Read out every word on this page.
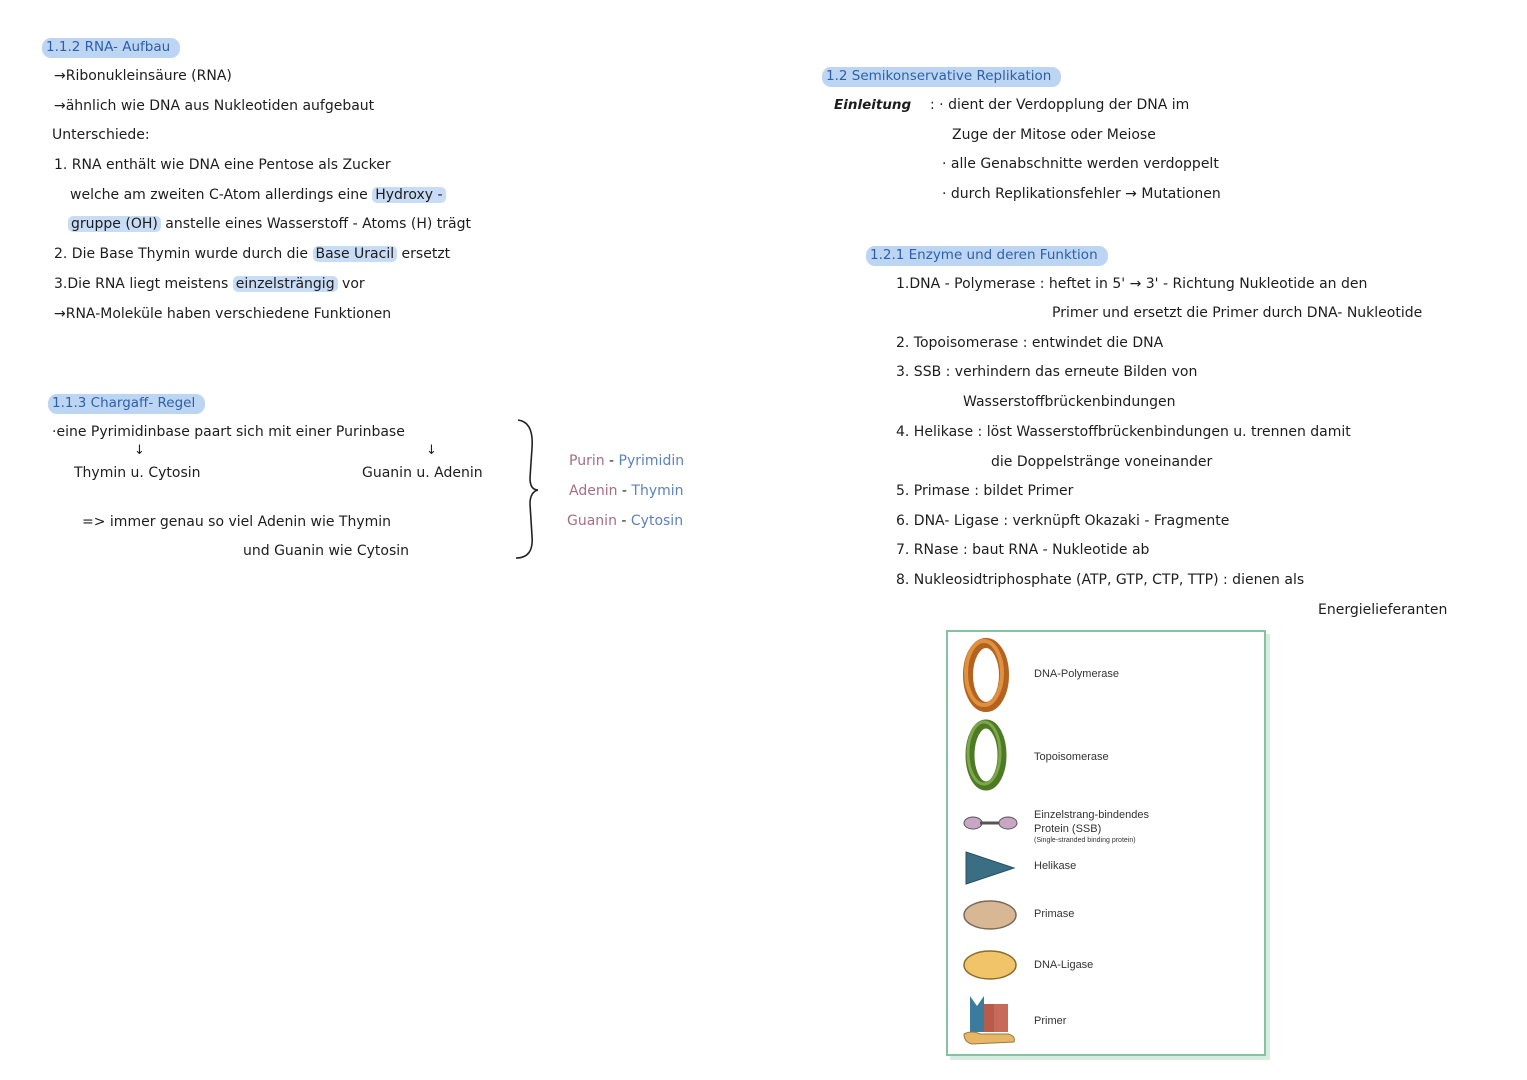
1.1.2 RNA- Aufbau
→Ribonukleinsäure (RNA)
→ähnlich wie DNA aus Nukleotiden aufgebaut
Unterschiede:
1. RNA enthält wie DNA eine Pentose als Zucker
welche am zweiten C-Atom allerdings eine Hydroxy -
gruppe (OH) anstelle eines Wasserstoff - Atoms (H) trägt
2. Die Base Thymin wurde durch die Base Uracil ersetzt
3.Die RNA liegt meistens einzelsträngig vor
→RNA-Moleküle haben verschiedene Funktionen
1.1.3 Chargaff- Regel
·eine Pyrimidinbase paart sich mit einer Purinbase
↓	↓
Thymin u. Cytosin	Guanin u. Adenin
=> immer genau so viel Adenin wie Thymin
und Guanin wie Cytosin
Purin - Pyrimidin
Adenin - Thymin
Guanin - Cytosin
1.2 Semikonservative Replikation
Einleitung : · dient der Verdopplung der DNA im
Zuge der Mitose oder Meiose
· alle Genabschnitte werden verdoppelt
· durch Replikationsfehler → Mutationen
1.2.1 Enzyme und deren Funktion
1.DNA - Polymerase : heftet in 5' → 3' - Richtung Nukleotide an den
Primer und ersetzt die Primer durch DNA- Nukleotide
2. Topoisomerase : entwindet die DNA
3. SSB : verhindern das erneute Bilden von
Wasserstoffbrückenbindungen
4. Helikase : löst Wasserstoffbrückenbindungen u. trennen damit
die Doppelstränge voneinander
5. Primase : bildet Primer
6. DNA- Ligase : verknüpft Okazaki - Fragmente
7. RNase : baut RNA - Nukleotide ab
8. Nukleosidtriphosphate (ATP, GTP, CTP, TTP) : dienen als
Energielieferanten
DNA-Polymerase
Topoisomerase
Einzelstrang-bindendes
Protein (SSB)
(Single-stranded binding protein)
Helikase
Primase
DNA-Ligase
Primer
